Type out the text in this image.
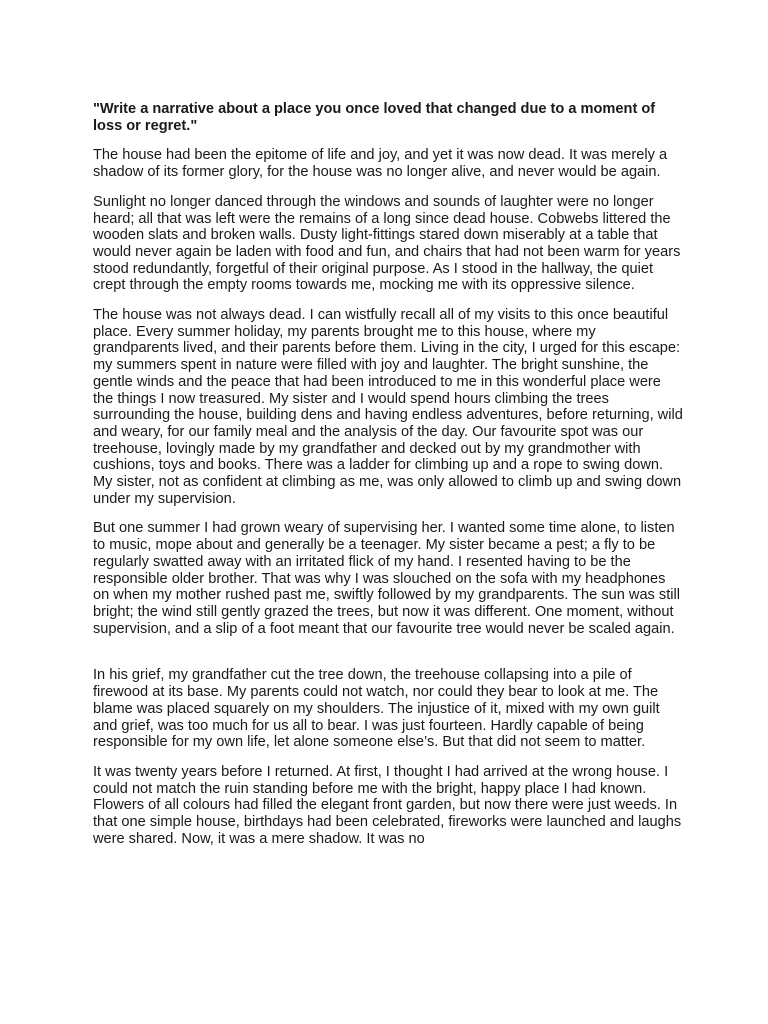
"Write a narrative about a place you once loved that changed due to a moment of loss or regret."

The house had been the epitome of life and joy, and yet it was now dead. It was merely a shadow of its former glory, for the house was no longer alive, and never would be again.

Sunlight no longer danced through the windows and sounds of laughter were no longer heard; all that was left were the remains of a long since dead house. Cobwebs littered the wooden slats and broken walls. Dusty light-fittings stared down miserably at a table that would never again be laden with food and fun, and chairs that had not been warm for years stood redundantly, forgetful of their original purpose. As I stood in the hallway, the quiet crept through the empty rooms towards me, mocking me with its oppressive silence.

The house was not always dead. I can wistfully recall all of my visits to this once beautiful place. Every summer holiday, my parents brought me to this house, where my grandparents lived, and their parents before them. Living in the city, I urged for this escape: my summers spent in nature were filled with joy and laughter. The bright sunshine, the gentle winds and the peace that had been introduced to me in this wonderful place were the things I now treasured. My sister and I would spend hours climbing the trees surrounding the house, building dens and having endless adventures, before returning, wild and weary, for our family meal and the analysis of the day. Our favourite spot was our treehouse, lovingly made by my grandfather and decked out by my grandmother with cushions, toys and books. There was a ladder for climbing up and a rope to swing down. My sister, not as confident at climbing as me, was only allowed to climb up and swing down under my supervision.

But one summer I had grown weary of supervising her. I wanted some time alone, to listen to music, mope about and generally be a teenager. My sister became a pest; a fly to be regularly swatted away with an irritated flick of my hand. I resented having to be the responsible older brother. That was why I was slouched on the sofa with my headphones on when my mother rushed past me, swiftly followed by my grandparents. The sun was still bright; the wind still gently grazed the trees, but now it was different. One moment, without supervision, and a slip of a foot meant that our favourite tree would never be scaled again.

In his grief, my grandfather cut the tree down, the treehouse collapsing into a pile of firewood at its base. My parents could not watch, nor could they bear to look at me. The blame was placed squarely on my shoulders. The injustice of it, mixed with my own guilt and grief, was too much for us all to bear. I was just fourteen. Hardly capable of being responsible for my own life, let alone someone else’s. But that did not seem to matter.

It was twenty years before I returned. At first, I thought I had arrived at the wrong house. I could not match the ruin standing before me with the bright, happy place I had known. Flowers of all colours had filled the elegant front garden, but now there were just weeds. In that one simple house, birthdays had been celebrated, fireworks were launched and laughs were shared. Now, it was a mere shadow. It was no
